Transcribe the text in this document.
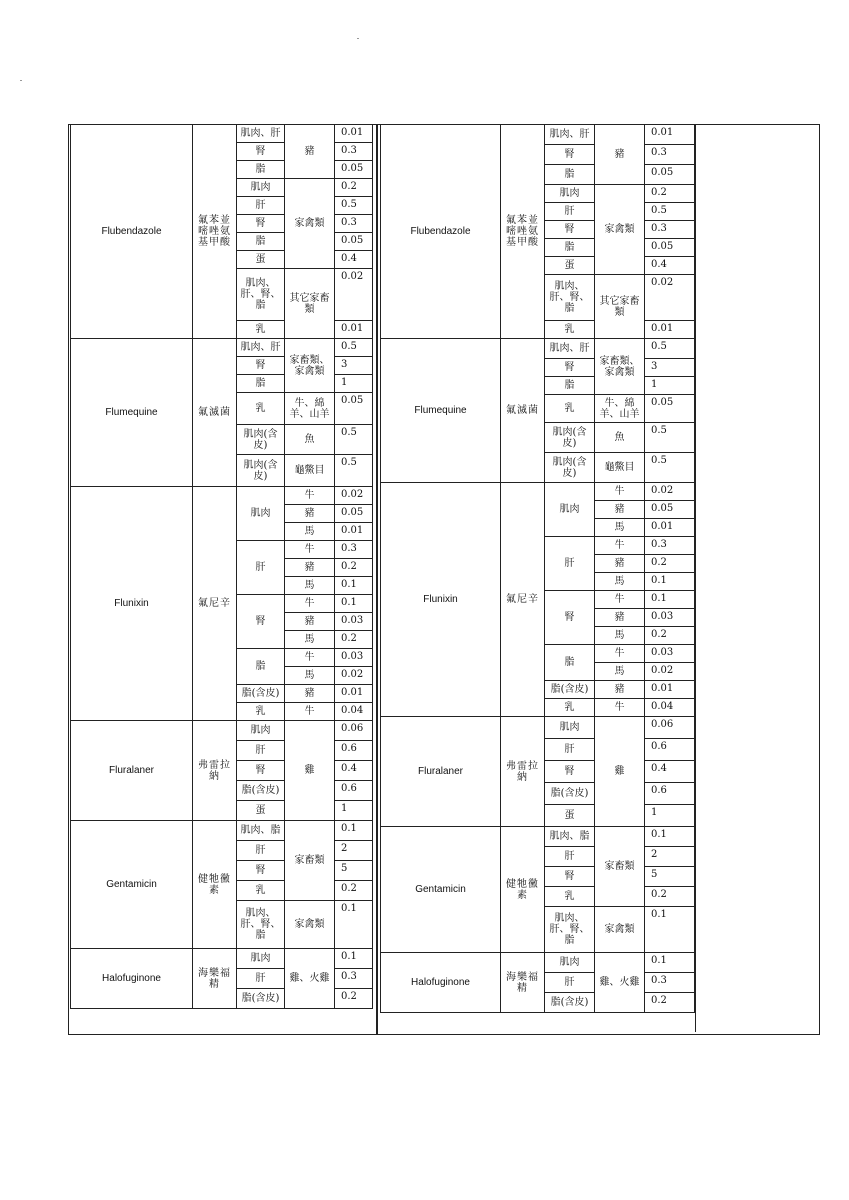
Flubendazole	氟苯並嘧唑氨基甲酸	肌肉、肝	豬	0.01
		腎		0.3
		脂		0.05
		肌肉	家禽類	0.2
		肝		0.5
		腎		0.3
		脂		0.05
		蛋		0.4
		肌肉、肝、腎、脂	其它家畜類	0.02
		乳		0.01
Flumequine	氟滅菌	肌肉、肝	家畜類、家禽類	0.5
		腎		3
		脂		1
		乳	牛、綿羊、山羊	0.05
		肌肉(含皮)	魚	0.5
		肌肉(含皮)	龜鱉目	0.5
Flunixin	氟尼辛	肌肉	牛	0.02
			豬	0.05
			馬	0.01
		肝	牛	0.3
			豬	0.2
			馬	0.1
		腎	牛	0.1
			豬	0.03
			馬	0.2
		脂	牛	0.03
			馬	0.02
		脂(含皮)	豬	0.01
		乳	牛	0.04
Fluralaner	弗雷拉納	肌肉	雞	0.06
		肝		0.6
		腎		0.4
		脂(含皮)		0.6
		蛋		1
Gentamicin	健牠黴素	肌肉、脂	家畜類	0.1
		肝		2
		腎		5
		乳		0.2
		肌肉、肝、腎、脂	家禽類	0.1
Halofuginone	海樂福精	肌肉	雞、火雞	0.1
		肝		0.3
		脂(含皮)		0.2
Flubendazole	氟苯並嘧唑氨基甲酸	肌肉、肝	豬	0.01
		腎		0.3
		脂		0.05
		肌肉	家禽類	0.2
		肝		0.5
		腎		0.3
		脂		0.05
		蛋		0.4
		肌肉、肝、腎、脂	其它家畜類	0.02
		乳		0.01
Flumequine	氟滅菌	肌肉、肝	家畜類、家禽類	0.5
		腎		3
		脂		1
		乳	牛、綿羊、山羊	0.05
		肌肉(含皮)	魚	0.5
		肌肉(含皮)	龜鱉目	0.5
Flunixin	氟尼辛	肌肉	牛	0.02
			豬	0.05
			馬	0.01
		肝	牛	0.3
			豬	0.2
			馬	0.1
		腎	牛	0.1
			豬	0.03
			馬	0.2
		脂	牛	0.03
			馬	0.02
		脂(含皮)	豬	0.01
		乳	牛	0.04
Fluralaner	弗雷拉納	肌肉	雞	0.06
		肝		0.6
		腎		0.4
		脂(含皮)		0.6
		蛋		1
Gentamicin	健牠黴素	肌肉、脂	家畜類	0.1
		肝		2
		腎		5
		乳		0.2
		肌肉、肝、腎、脂	家禽類	0.1
Halofuginone	海樂福精	肌肉	雞、火雞	0.1
		肝		0.3
		脂(含皮)		0.2
